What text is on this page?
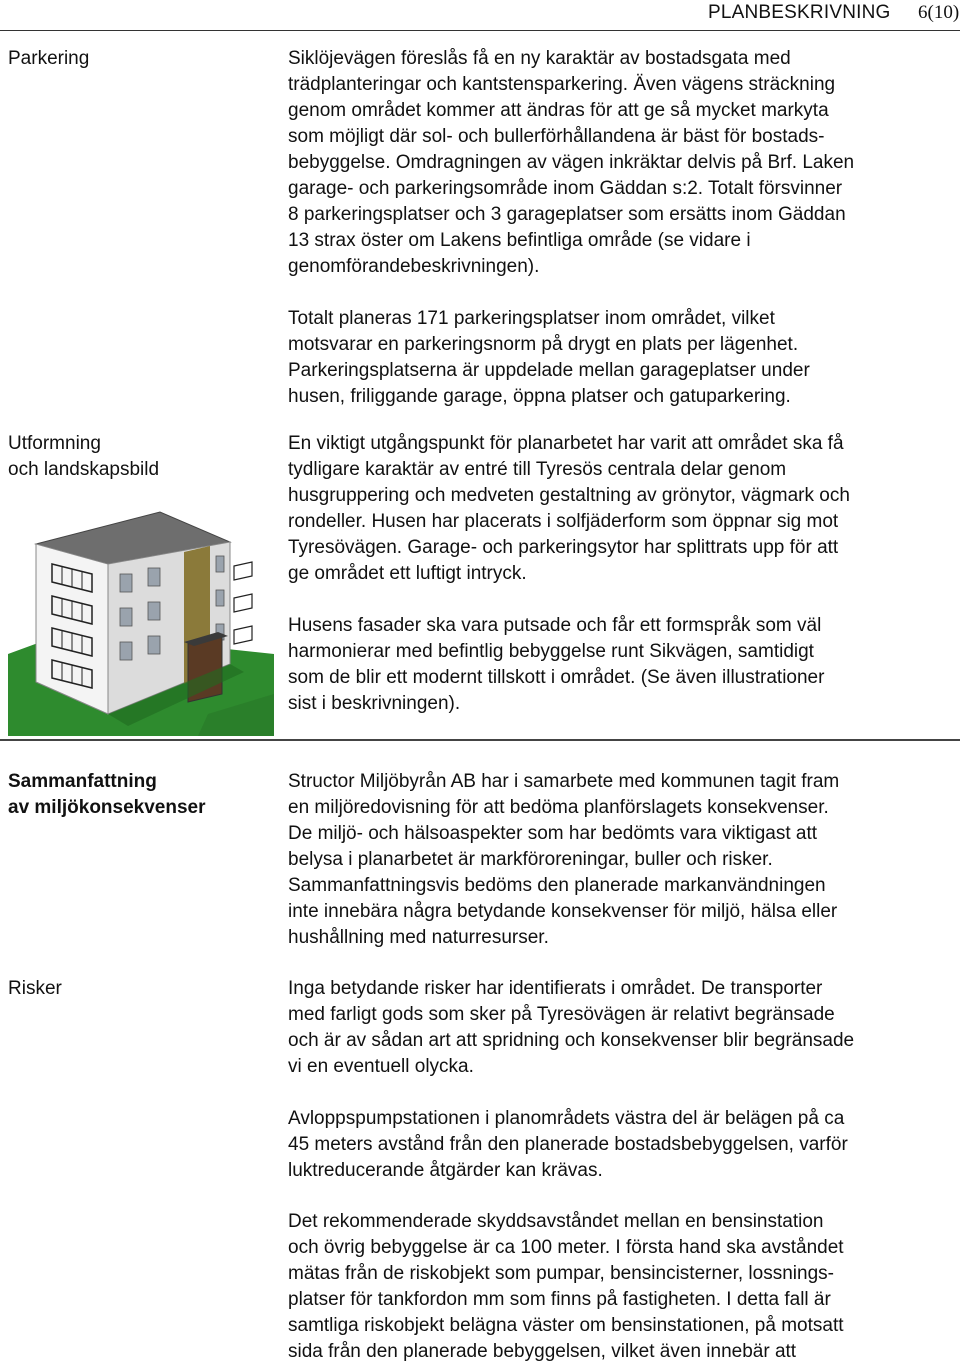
PLANBESKRIVNING 6(10)
Parkering	Siklöjevägen föreslås få en ny karaktär av bostadsgata med
trädplanteringar och kantstensparkering. Även vägens sträckning
genom området kommer att ändras för att ge så mycket markyta
som möjligt där sol- och bullerförhållandena är bäst för bostads-
bebyggelse. Omdragningen av vägen inkräktar delvis på Brf. Laken
garage- och parkeringsområde inom Gäddan s:2. Totalt försvinner
8 parkeringsplatser och 3 garageplatser som ersätts inom Gäddan
13 strax öster om Lakens befintliga område (se vidare i
genomförandebeskrivningen).
Totalt planeras 171 parkeringsplatser inom området, vilket
motsvarar en parkeringsnorm på drygt en plats per lägenhet.
Parkeringsplatserna är uppdelade mellan garageplatser under
husen, friliggande garage, öppna platser och gatuparkering.
Utformning
och landskapsbild
En viktigt utgångspunkt för planarbetet har varit att området ska få
tydligare karaktär av entré till Tyresös centrala delar genom
husgruppering och medveten gestaltning av grönytor, vägmark och
rondeller. Husen har placerats i solfjäderform som öppnar sig mot
Tyresövägen. Garage- och parkeringsytor har splittrats upp för att
ge området ett luftigt intryck.
Husens fasader ska vara putsade och får ett formspråk som väl
harmonierar med befintlig bebyggelse runt Sikvägen, samtidigt
som de blir ett modernt tillskott i området. (Se även illustrationer
sist i beskrivningen).
Sammanfattning
av miljökonsekvenser
Structor Miljöbyrån AB har i samarbete med kommunen tagit fram
en miljöredovisning för att bedöma planförslagets konsekvenser.
De miljö- och hälsoaspekter som har bedömts vara viktigast att
belysa i planarbetet är markföroreningar, buller och risker.
Sammanfattningsvis bedöms den planerade markanvändningen
inte innebära några betydande konsekvenser för miljö, hälsa eller
hushållning med naturresurser.
Risker	Inga betydande risker har identifierats i området. De transporter
med farligt gods som sker på Tyresövägen är relativt begränsade
och är av sådan art att spridning och konsekvenser blir begränsade
vi en eventuell olycka.
Avloppspumpstationen i planområdets västra del är belägen på ca
45 meters avstånd från den planerade bostadsbebyggelsen, varför
luktreducerande åtgärder kan krävas.
Det rekommenderade skyddsavståndet mellan en bensinstation
och övrig bebyggelse är ca 100 meter. I första hand ska avståndet
mätas från de riskobjekt som pumpar, bensincisterner, lossnings-
platser för tankfordon mm som finns på fastigheten. I detta fall är
samtliga riskobjekt belägna väster om bensinstationen, på motsatt
sida från den planerade bebyggelsen, vilket även innebär att
